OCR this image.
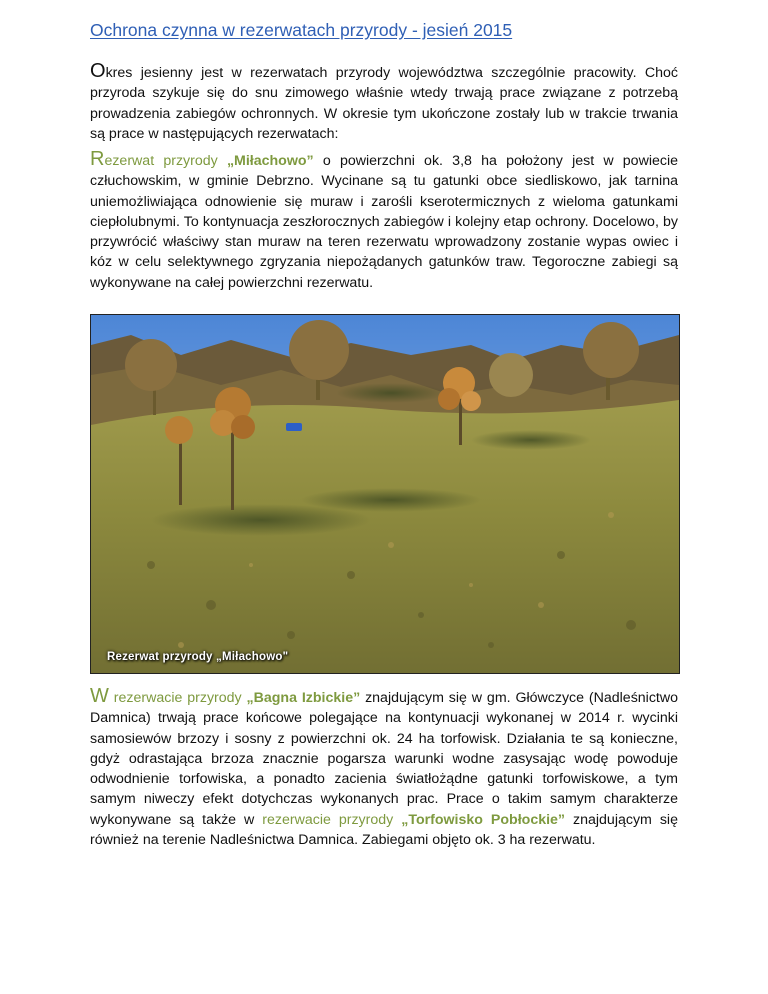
Ochrona czynna w rezerwatach przyrody - jesień 2015

Okres jesienny jest w rezerwatach przyrody województwa szczególnie pracowity. Choć przyroda szykuje się do snu zimowego właśnie wtedy trwają prace związane z potrzebą prowadzenia zabiegów ochronnych. W okresie tym ukończone zostały lub w trakcie trwania są prace w następujących rezerwatach:

Rezerwat przyrody „Miłachowo” o powierzchni ok. 3,8 ha położony jest w powiecie człuchowskim, w gminie Debrzno. Wycinane są tu gatunki obce siedliskowo, jak tarnina uniemożliwiająca odnowienie się muraw i zarośli kserotermicznych z wieloma gatunkami ciepłolubnymi. To kontynuacja zeszłorocznych zabiegów i kolejny etap ochrony. Docelowo, by przywrócić właściwy stan muraw na teren rezerwatu wprowadzony zostanie wypas owiec i kóz w celu selektywnego zgryzania niepożądanych gatunków traw. Tegoroczne zabiegi są wykonywane na całej powierzchni rezerwatu.

Rezerwat przyrody „Miłachowo"

W rezerwacie przyrody „Bagna Izbickie” znajdującym się w gm. Główczyce (Nadleśnictwo Damnica) trwają prace końcowe polegające na kontynuacji wykonanej w 2014 r. wycinki samosiewów brzozy i sosny z powierzchni ok. 24 ha torfowisk. Działania te są konieczne, gdyż odrastająca brzoza znacznie pogarsza warunki wodne zasysając wodę powoduje odwodnienie torfowiska, a ponadto zacienia światłożądne gatunki torfowiskowe, a tym samym niweczy efekt dotychczas wykonanych prac. Prace o takim samym charakterze wykonywane są także w rezerwacie przyrody „Torfowisko Pobłockie” znajdującym się również na terenie Nadleśnictwa Damnica. Zabiegami objęto ok. 3 ha rezerwatu.
